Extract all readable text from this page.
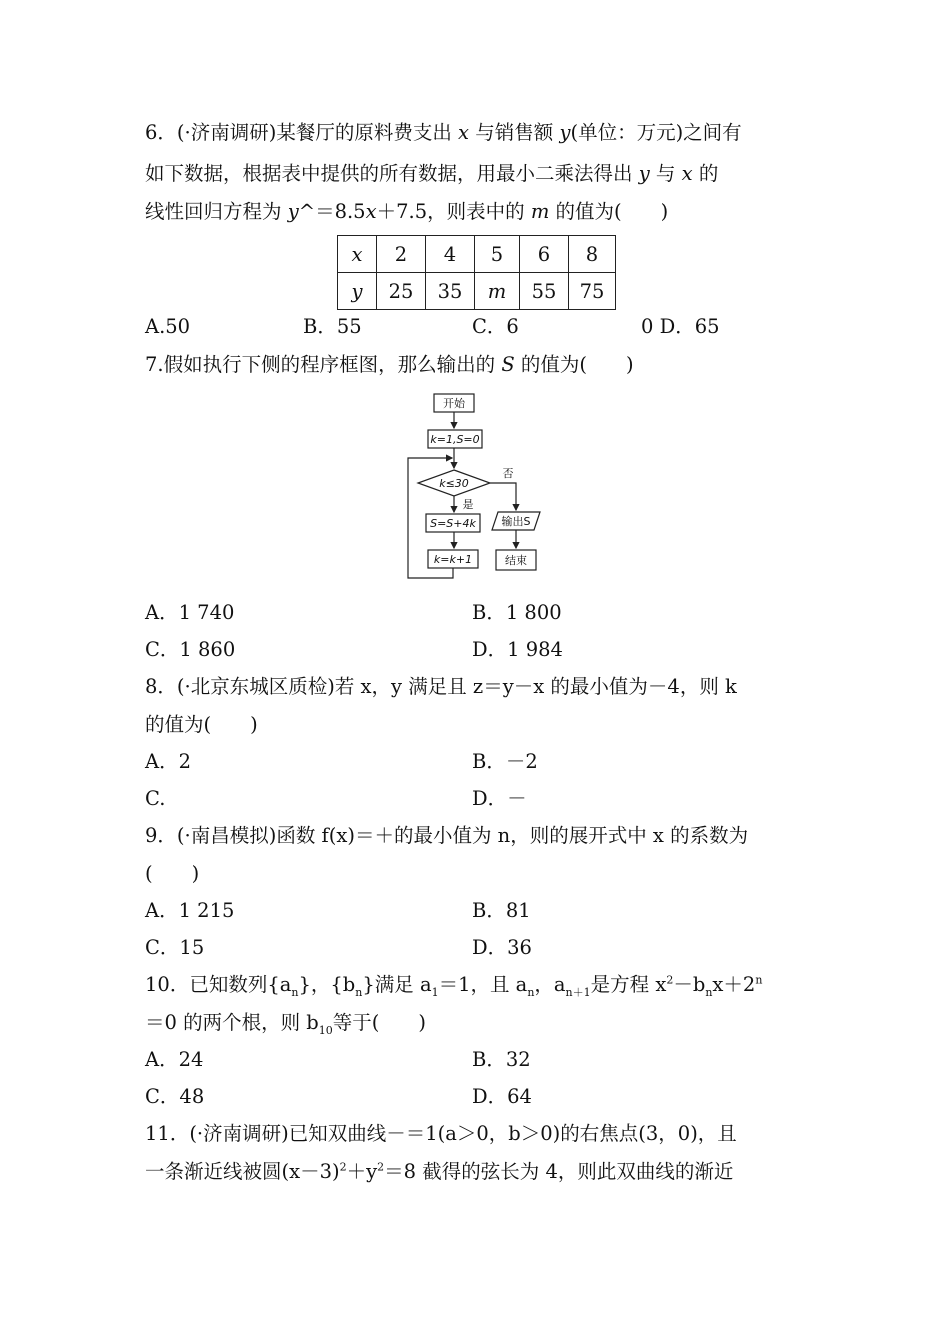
6．(·济南调研)某餐厅的原料费支出 x 与销售额 y(单位：万元)之间有
如下数据，根据表中提供的所有数据，用最小二乘法得出 y 与 x 的
线性回归方程为 y^＝8.5x＋7.5，则表中的 m 的值为(　　)
x	2	4	5	6	8
y	25	35	m	55	75
A.50	B．55	C．6	0 D．65
7.假如执行下侧的程序框图，那么输出的 S 的值为(　　)
开始
k=1,S=0
k≤30
否
是
S=S+4k
k=k+1
输出S
结束
A．1 740	B．1 800
C．1 860	D．1 984
8．(·北京东城区质检)若 x，y 满足且 z＝y－x 的最小值为－4，则 k
的值为(　　)
A．2	B．－2
C.	D．－
9．(·南昌模拟)函数 f(x)＝＋的最小值为 n，则的展开式中 x 的系数为
(　　)
A．1 215	B．81
C．15	D．36
10．已知数列$\{a_n\}$，$\{b_n\}$满足 $a_1=1$，且 $a_n$，$a_{n+1}$是方程 $x^2-b_nx+2^n$
＝0 的两个根，则 $b_{10}$等于(　　)
A．24	B．32
C．48	D．64
11．(·济南调研)已知双曲线－＝1(a＞0，b＞0)的右焦点(3，0)，且
一条渐近线被圆$(x-3)^2+y^2=8$ 截得的弦长为 4，则此双曲线的渐近
